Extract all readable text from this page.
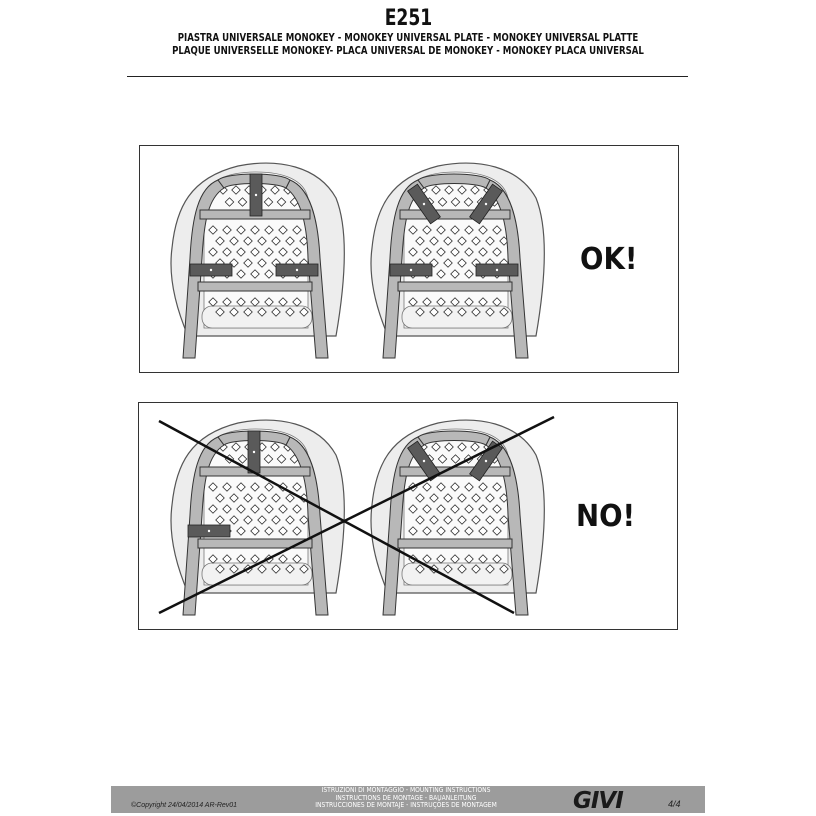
E251
PIASTRA UNIVERSALE MONOKEY - MONOKEY UNIVERSAL PLATE - MONOKEY UNIVERSAL PLATTE
PLAQUE UNIVERSELLE MONOKEY- PLACA UNIVERSAL DE MONOKEY - MONOKEY PLACA UNIVERSAL
OK!
NO!
©Copyright 24/04/2014 AR-Rev01
ISTRUZIONI DI MONTAGGIO - MOUNTING INSTRUCTIONS
INSTRUCTIONS DE MONTAGE - BAUANLEITUNG
INSTRUCCIONES DE MONTAJE - INSTRUÇÕES DE MONTAGEM	GIVI	4/4
